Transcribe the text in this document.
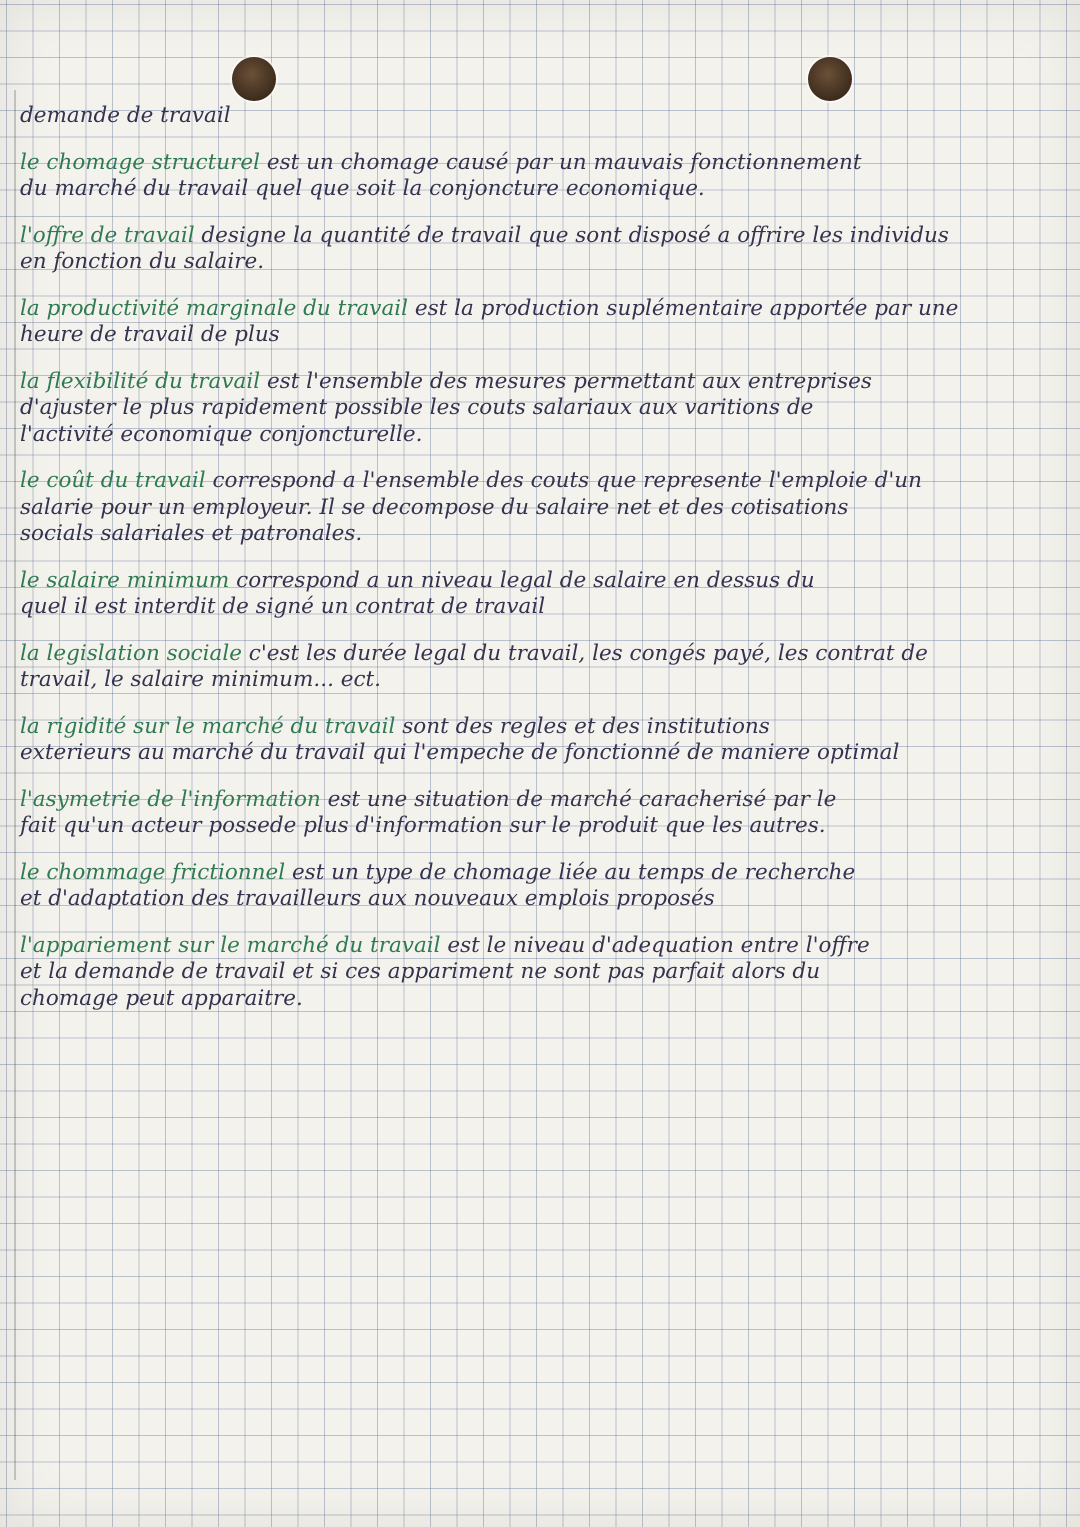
demande de travail
le chomage structurel est un chomage causé par un mauvais fonctionnement
du marché du travail quel que soit la conjoncture economique.
l'offre de travail designe la quantité de travail que sont disposé a offrire les individus
en fonction du salaire.
la productivité marginale du travail est la production suplémentaire apportée par une
heure de travail de plus
la flexibilité du travail est l'ensemble des mesures permettant aux entreprises
d'ajuster le plus rapidement possible les couts salariaux aux varitions de
l'activité economique conjoncturelle.
le coût du travail correspond a l'ensemble des couts que represente l'emploie d'un
salarie pour un employeur. Il se decompose du salaire net et des cotisations
socials salariales et patronales.
le salaire minimum correspond a un niveau legal de salaire en dessus du
quel il est interdit de signé un contrat de travail
la legislation sociale c'est les durée legal du travail, les congés payé, les contrat de
travail, le salaire minimum... ect.
la rigidité sur le marché du travail sont des regles et des institutions
exterieurs au marché du travail qui l'empeche de fonctionné de maniere optimal
l'asymetrie de l'information est une situation de marché caracherisé par le
fait qu'un acteur possede plus d'information sur le produit que les autres.
le chommage frictionnel est un type de chomage liée au temps de recherche
et d'adaptation des travailleurs aux nouveaux emplois proposés
l'appariement sur le marché du travail est le niveau d'adequation entre l'offre
et la demande de travail et si ces appariment ne sont pas parfait alors du
chomage peut apparaitre.
